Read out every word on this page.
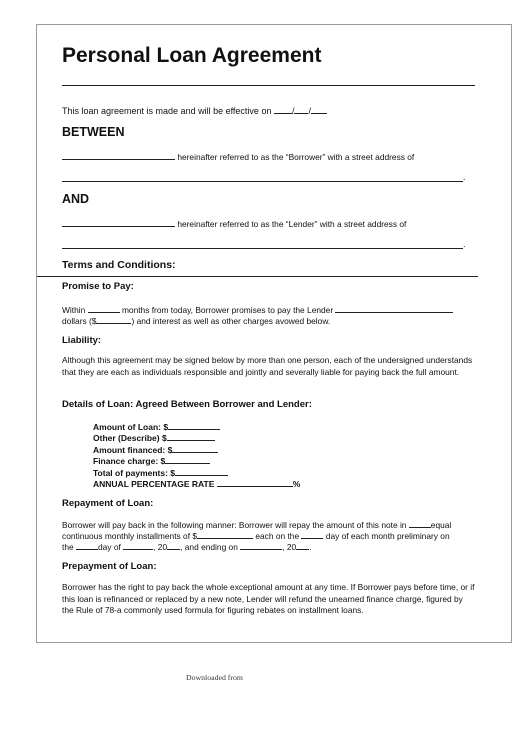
Personal Loan Agreement
This loan agreement is made and will be effective on / /
BETWEEN
hereinafter referred to as the “Borrower” with a street address of
.
AND
hereinafter referred to as the “Lender” with a street address of
.
Terms and Conditions:
Promise to Pay:
Within	months from today, Borrower promises to pay the Lender
dollars ($	) and interest as well as other charges avowed below.
Liability:
Although this agreement may be signed below by more than one person, each of the undersigned understands that they are each as individuals responsible and jointly and severally liable for paying back the full amount.
Details of Loan: Agreed Between Borrower and Lender:
Amount of Loan: $
Other (Describe) $
Amount financed: $
Finance charge: $
Total of payments: $
ANNUAL PERCENTAGE RATE	%
Repayment of Loan:
Borrower will pay back in the following manner: Borrower will repay the amount of this note in	equal
continuous monthly installments of $	each on the	day of each month preliminary on
the	day of	, 20 , and ending on	, 20 .
Prepayment of Loan:
Borrower has the right to pay back the whole exceptional amount at any time. If Borrower pays before time, or if this loan is refinanced or replaced by a new note, Lender will refund the unearned finance charge, figured by the Rule of 78-a commonly used formula for figuring rebates on installment loans.
Downloaded from
